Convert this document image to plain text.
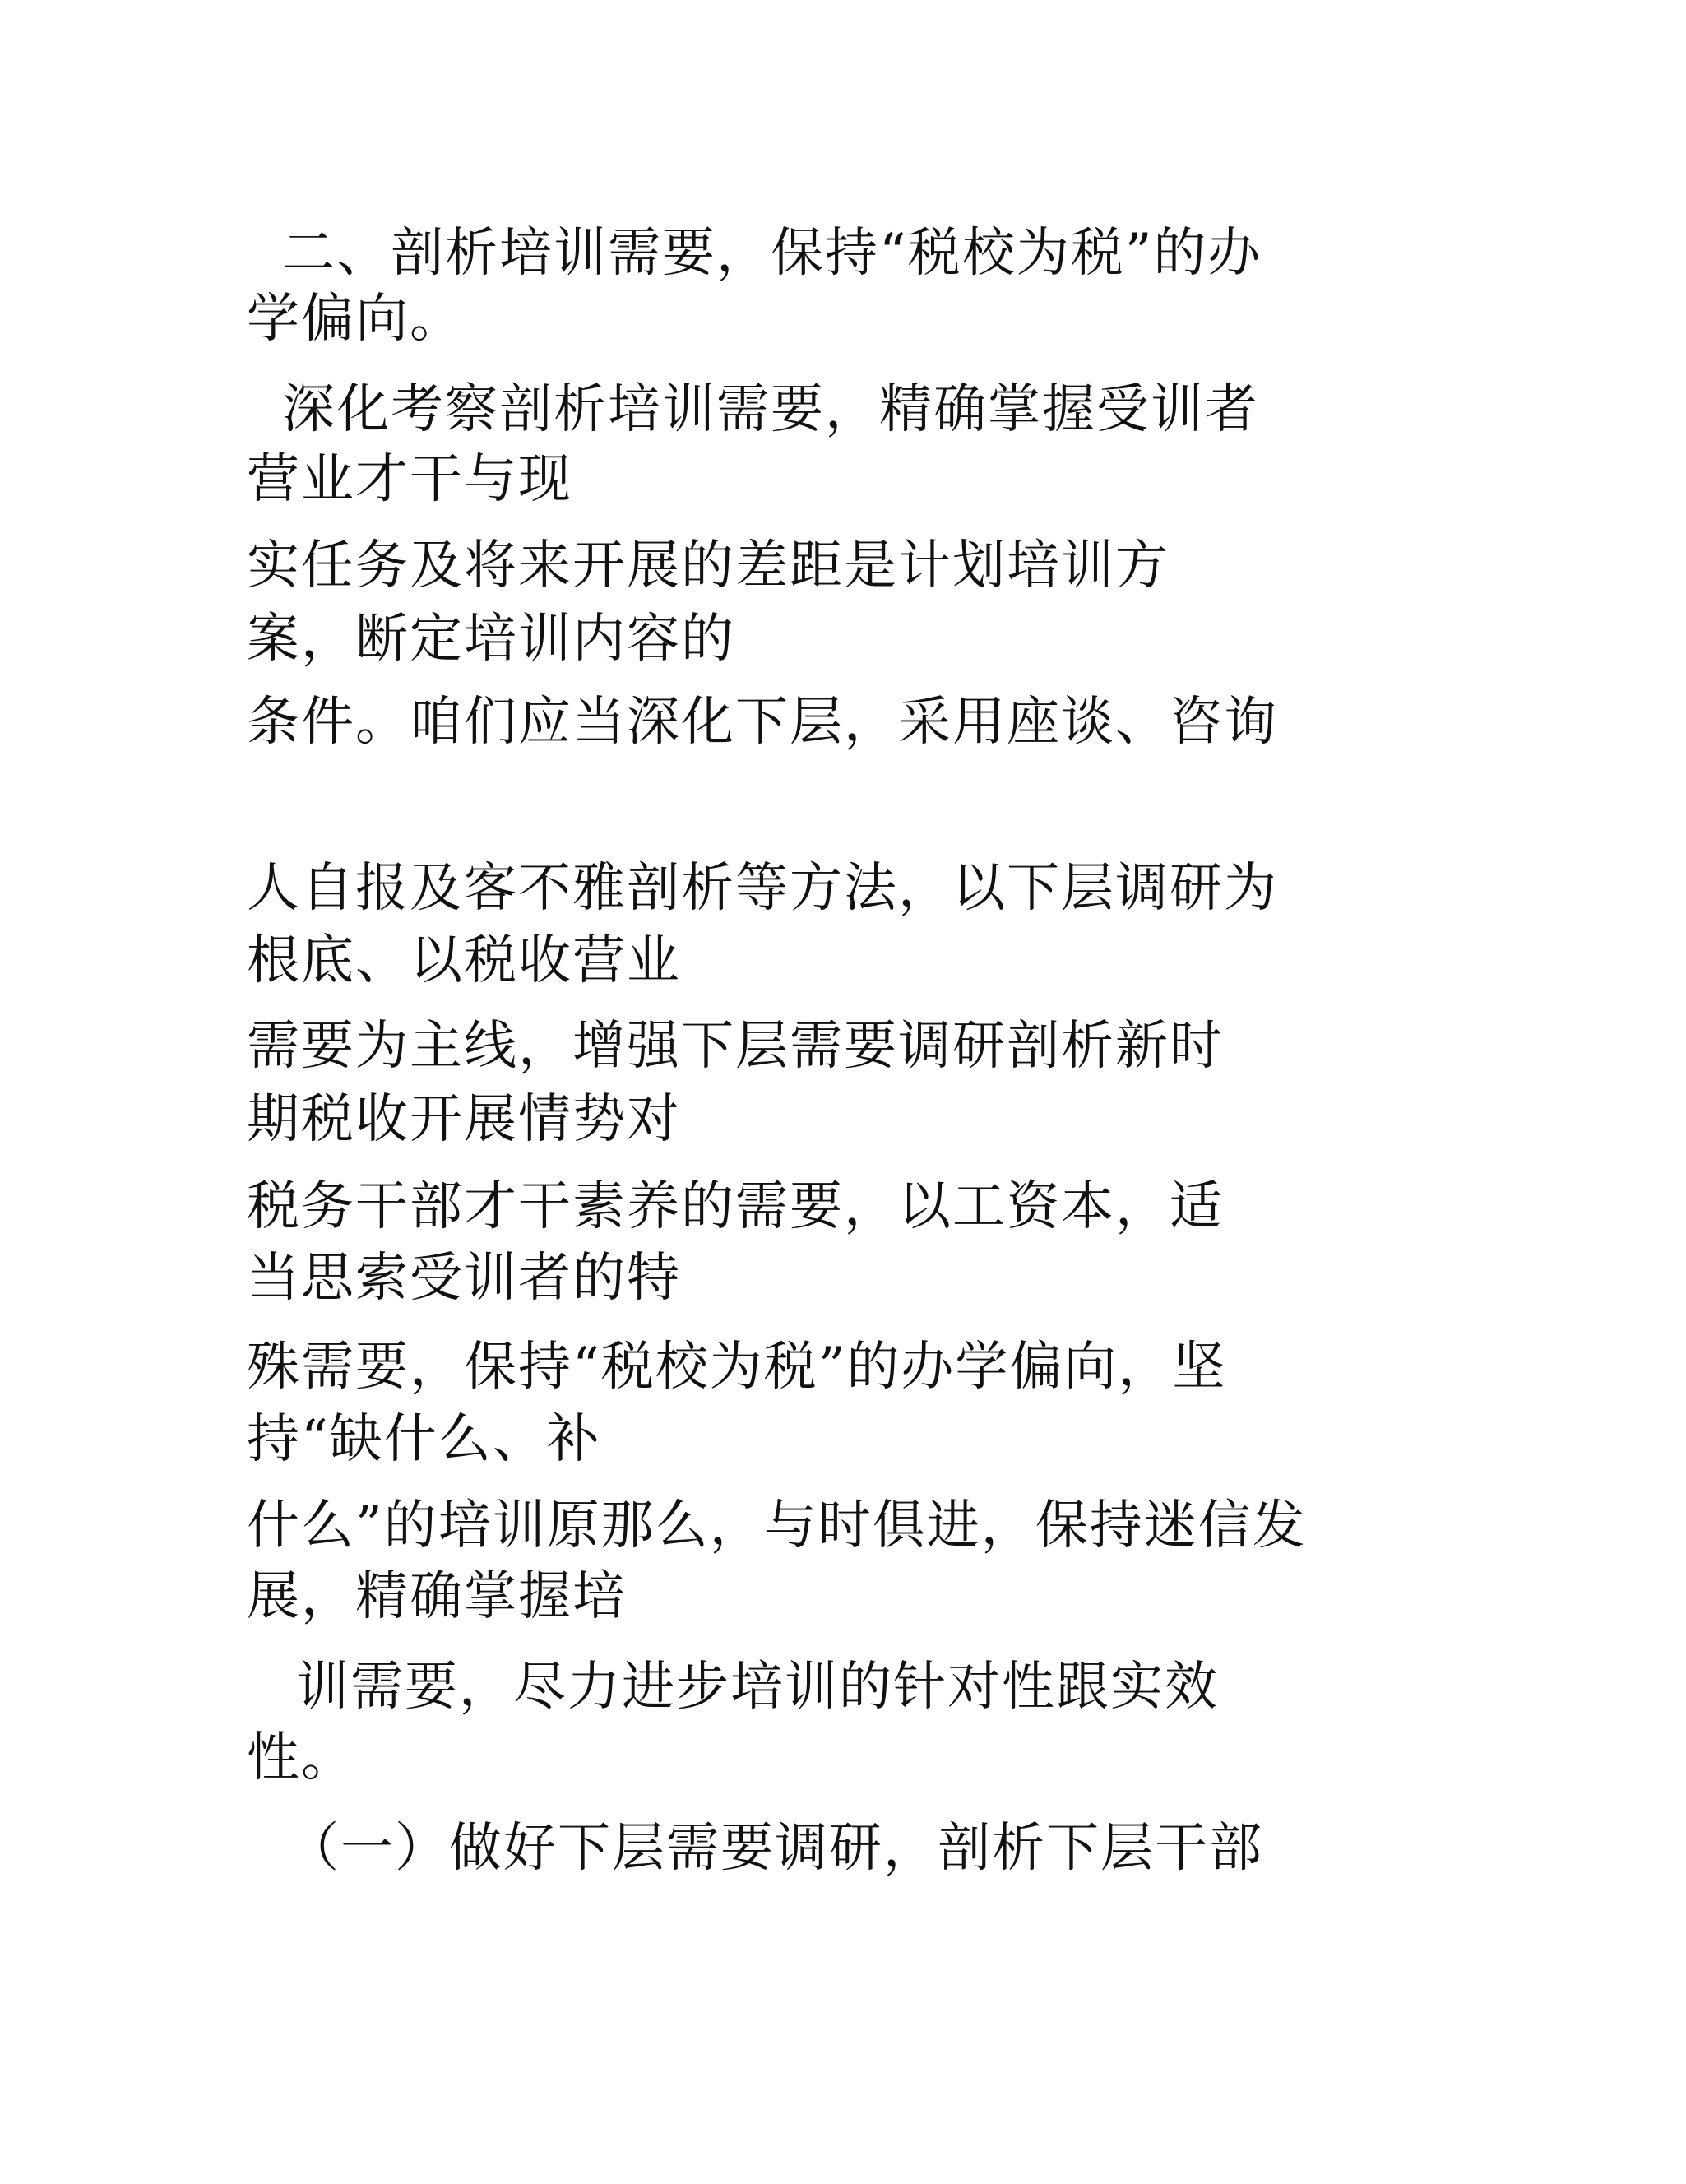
二、剖析培训需要，保持“税校为税”的办
学偏向。
深化考察剖析培训需要，精确掌握受训者
营业才干与现
实任务及将来开展的差距是计划培训方
案，断定培训内容的
条件。咱们应当深化下层，采用座谈、咨询
人自报及客不雅剖析等方法，以下层调研为
根底、以税收营业
需要为主线，增强下层需要调研剖析新时
期税收开展情势对
税务干部才干素养的需要，以工资本，适
当思索受训者的特
殊需要，保持“税校为税”的办学偏向，坚
持“缺什么、补
什么”的培训原那么，与时俱进，保持迷信发
展，精确掌握培
训需要，尽力进步培训的针对性跟实效
性。
（一）做好下层需要调研，剖析下层干部
